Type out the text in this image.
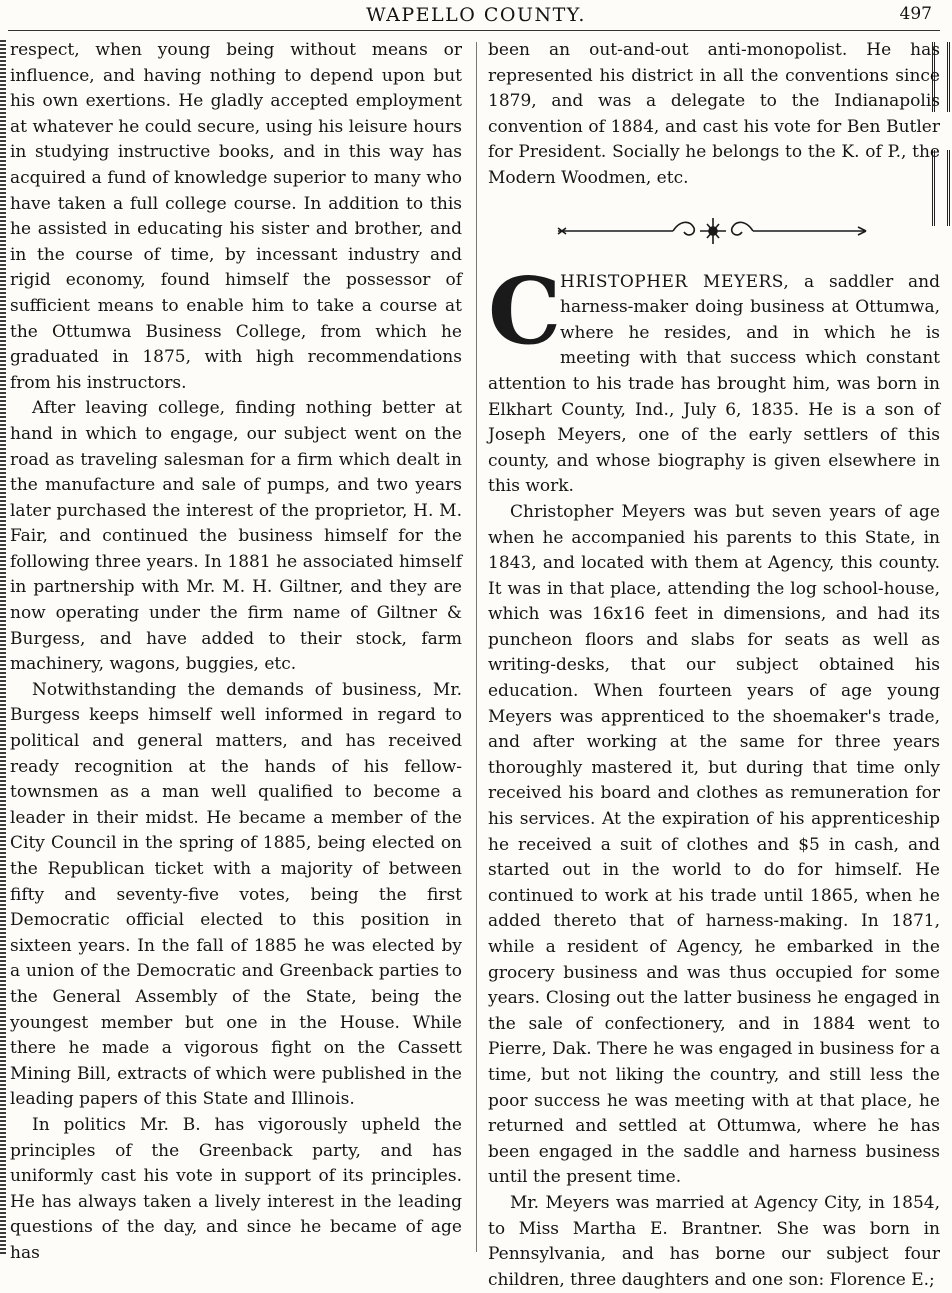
WAPELLO COUNTY.	497

respect, when young being without means or influence, and having nothing to depend upon but his own exertions. He gladly accepted employment at whatever he could secure, using his leisure hours in studying instructive books, and in this way has acquired a fund of knowledge superior to many who have taken a full college course. In addition to this he assisted in educating his sister and brother, and in the course of time, by incessant industry and rigid economy, found himself the possessor of sufficient means to enable him to take a course at the Ottumwa Business College, from which he graduated in 1875, with high recommendations from his instructors.

After leaving college, finding nothing better at hand in which to engage, our subject went on the road as traveling salesman for a firm which dealt in the manufacture and sale of pumps, and two years later purchased the interest of the proprietor, H. M. Fair, and continued the business himself for the following three years. In 1881 he associated himself in partnership with Mr. M. H. Giltner, and they are now operating under the firm name of Giltner & Burgess, and have added to their stock, farm machinery, wagons, buggies, etc.

Notwithstanding the demands of business, Mr. Burgess keeps himself well informed in regard to political and general matters, and has received ready recognition at the hands of his fellow-townsmen as a man well qualified to become a leader in their midst. He became a member of the City Council in the spring of 1885, being elected on the Republican ticket with a majority of between fifty and seventy-five votes, being the first Democratic official elected to this position in sixteen years. In the fall of 1885 he was elected by a union of the Democratic and Greenback parties to the General Assembly of the State, being the youngest member but one in the House. While there he made a vigorous fight on the Cassett Mining Bill, extracts of which were published in the leading papers of this State and Illinois.

In politics Mr. B. has vigorously upheld the principles of the Greenback party, and has uniformly cast his vote in support of its principles. He has always taken a lively interest in the leading questions of the day, and since he became of age has

been an out-and-out anti-monopolist. He has represented his district in all the conventions since 1879, and was a delegate to the Indianapolis convention of 1884, and cast his vote for Ben Butler for President. Socially he belongs to the K. of P., the Modern Woodmen, etc.

C

HRISTOPHER MEYERS, a saddler and harness-maker doing business at Ottumwa, where he resides, and in which he is meeting with that success which constant attention to his trade has brought him, was born in Elkhart County, Ind., July 6, 1835. He is a son of Joseph Meyers, one of the early settlers of this county, and whose biography is given elsewhere in this work.

Christopher Meyers was but seven years of age when he accompanied his parents to this State, in 1843, and located with them at Agency, this county. It was in that place, attending the log school-house, which was 16x16 feet in dimensions, and had its puncheon floors and slabs for seats as well as writing-desks, that our subject obtained his education. When fourteen years of age young Meyers was apprenticed to the shoemaker's trade, and after working at the same for three years thoroughly mastered it, but during that time only received his board and clothes as remuneration for his services. At the expiration of his apprenticeship he received a suit of clothes and $5 in cash, and started out in the world to do for himself. He continued to work at his trade until 1865, when he added thereto that of harness-making. In 1871, while a resident of Agency, he embarked in the grocery business and was thus occupied for some years. Closing out the latter business he engaged in the sale of confectionery, and in 1884 went to Pierre, Dak. There he was engaged in business for a time, but not liking the country, and still less the poor success he was meeting with at that place, he returned and settled at Ottumwa, where he has been engaged in the saddle and harness business until the present time.

Mr. Meyers was married at Agency City, in 1854, to Miss Martha E. Brantner. She was born in Pennsylvania, and has borne our subject four children, three daughters and one son: Florence E.;
